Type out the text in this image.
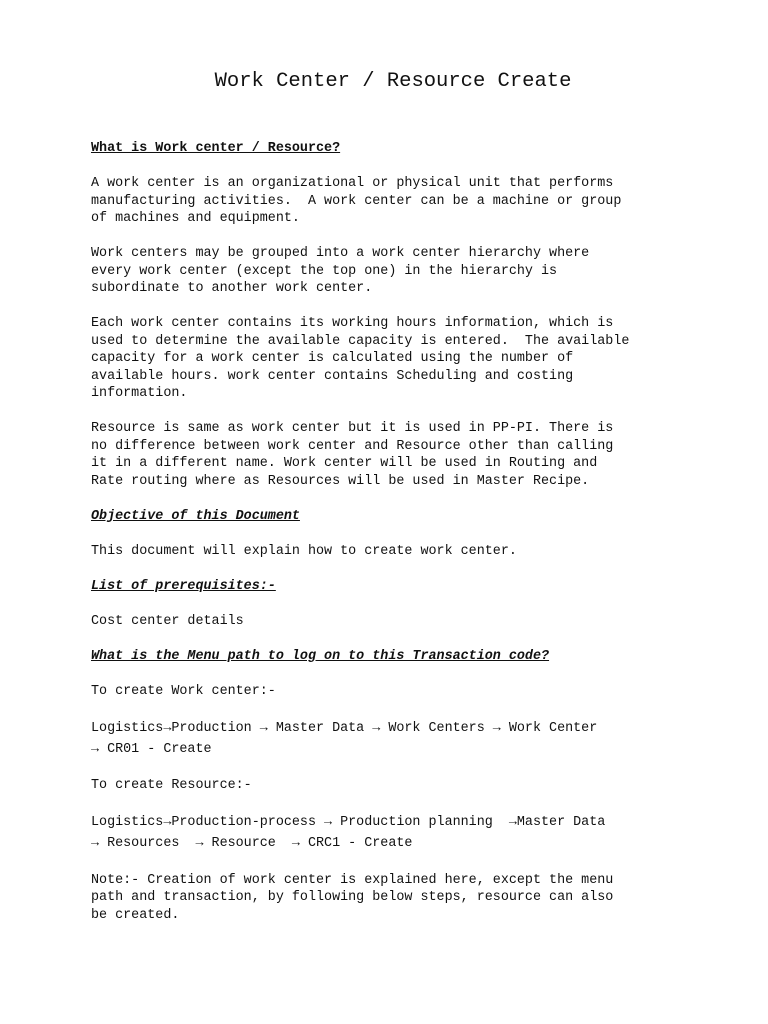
Work Center / Resource Create

What is Work center / Resource?

A work center is an organizational or physical unit that performs
manufacturing activities.  A work center can be a machine or group
of machines and equipment.

Work centers may be grouped into a work center hierarchy where
every work center (except the top one) in the hierarchy is
subordinate to another work center.

Each work center contains its working hours information, which is
used to determine the available capacity is entered.  The available
capacity for a work center is calculated using the number of
available hours. work center contains Scheduling and costing
information.

Resource is same as work center but it is used in PP-PI. There is
no difference between work center and Resource other than calling
it in a different name. Work center will be used in Routing and
Rate routing where as Resources will be used in Master Recipe.

Objective of this Document

This document will explain how to create work center.

List of prerequisites:-

Cost center details

What is the Menu path to log on to this Transaction code?

To create Work center:-

Logistics→Production → Master Data → Work Centers → Work Center
→ CR01 - Create

To create Resource:-

Logistics→Production-process → Production planning  →Master Data
→ Resources  → Resource  → CRC1 - Create

Note:- Creation of work center is explained here, except the menu
path and transaction, by following below steps, resource can also
be created.
